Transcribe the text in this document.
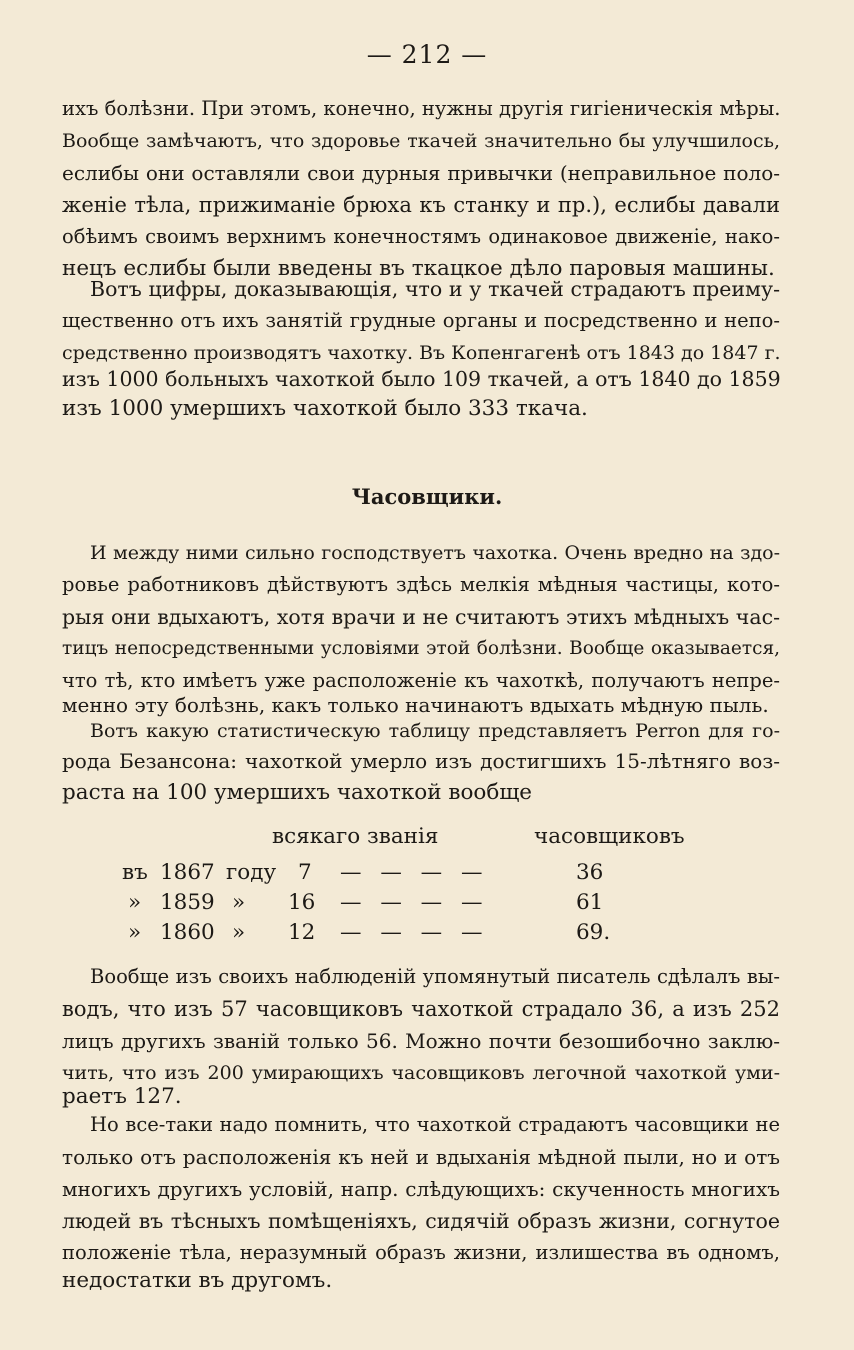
— 212 —
ихъ болѣзни. При этомъ, конечно, нужны другія гигіеническія мѣры.
Вообще замѣчаютъ, что здоровье ткачей значительно бы улучшилось,
еслибы они оставляли свои дурныя привычки (неправильное поло-
женіе тѣла, прижиманіе брюха къ станку и пр.), еслибы давали
обѣимъ своимъ верхнимъ конечностямъ одинаковое движеніе, нако-
нецъ еслибы были введены въ ткацкое дѣло паровыя машины.
Вотъ цифры, доказывающія, что и у ткачей страдаютъ преиму-
щественно отъ ихъ занятій грудные органы и посредственно и непо-
средственно производятъ чахотку. Въ Копенгагенѣ отъ 1843 до 1847 г.
изъ 1000 больныхъ чахоткой было 109 ткачей, а отъ 1840 до 1859
изъ 1000 умершихъ чахоткой было 333 ткача.
Часовщики.
И между ними сильно господствуетъ чахотка. Очень вредно на здо-
ровье работниковъ дѣйствуютъ здѣсь мелкія мѣдныя частицы, кото-
рыя они вдыхаютъ, хотя врачи и не считаютъ этихъ мѣдныхъ час-
тицъ непосредственными условіями этой болѣзни. Вообще оказывается,
что тѣ, кто имѣетъ уже расположеніе къ чахоткѣ, получаютъ непре-
менно эту болѣзнь, какъ только начинаютъ вдыхать мѣдную пыль.
Вотъ какую статистическую таблицу представляетъ Perron для го-
рода Безансона: чахоткой умерло изъ достигшихъ 15-лѣтняго воз-
раста на 100 умершихъ чахоткой вообще
всякаго званія	часовщиковъ
въ 1867 году 7 — — — —	36
» 1859 » 16 — — — —	61
» 1860 » 12 — — — —	69.
Вообще изъ своихъ наблюденій упомянутый писатель сдѣлалъ вы-
водъ, что изъ 57 часовщиковъ чахоткой страдало 36, а изъ 252
лицъ другихъ званій только 56. Можно почти безошибочно заклю-
чить, что изъ 200 умирающихъ часовщиковъ легочной чахоткой уми-
раетъ 127.
Но все-таки надо помнить, что чахоткой страдаютъ часовщики не
только отъ расположенія къ ней и вдыханія мѣдной пыли, но и отъ
многихъ другихъ условій, напр. слѣдующихъ: скученность многихъ
людей въ тѣсныхъ помѣщеніяхъ, сидячій образъ жизни, согнутое
положеніе тѣла, неразумный образъ жизни, излишества въ одномъ,
недостатки въ другомъ.
